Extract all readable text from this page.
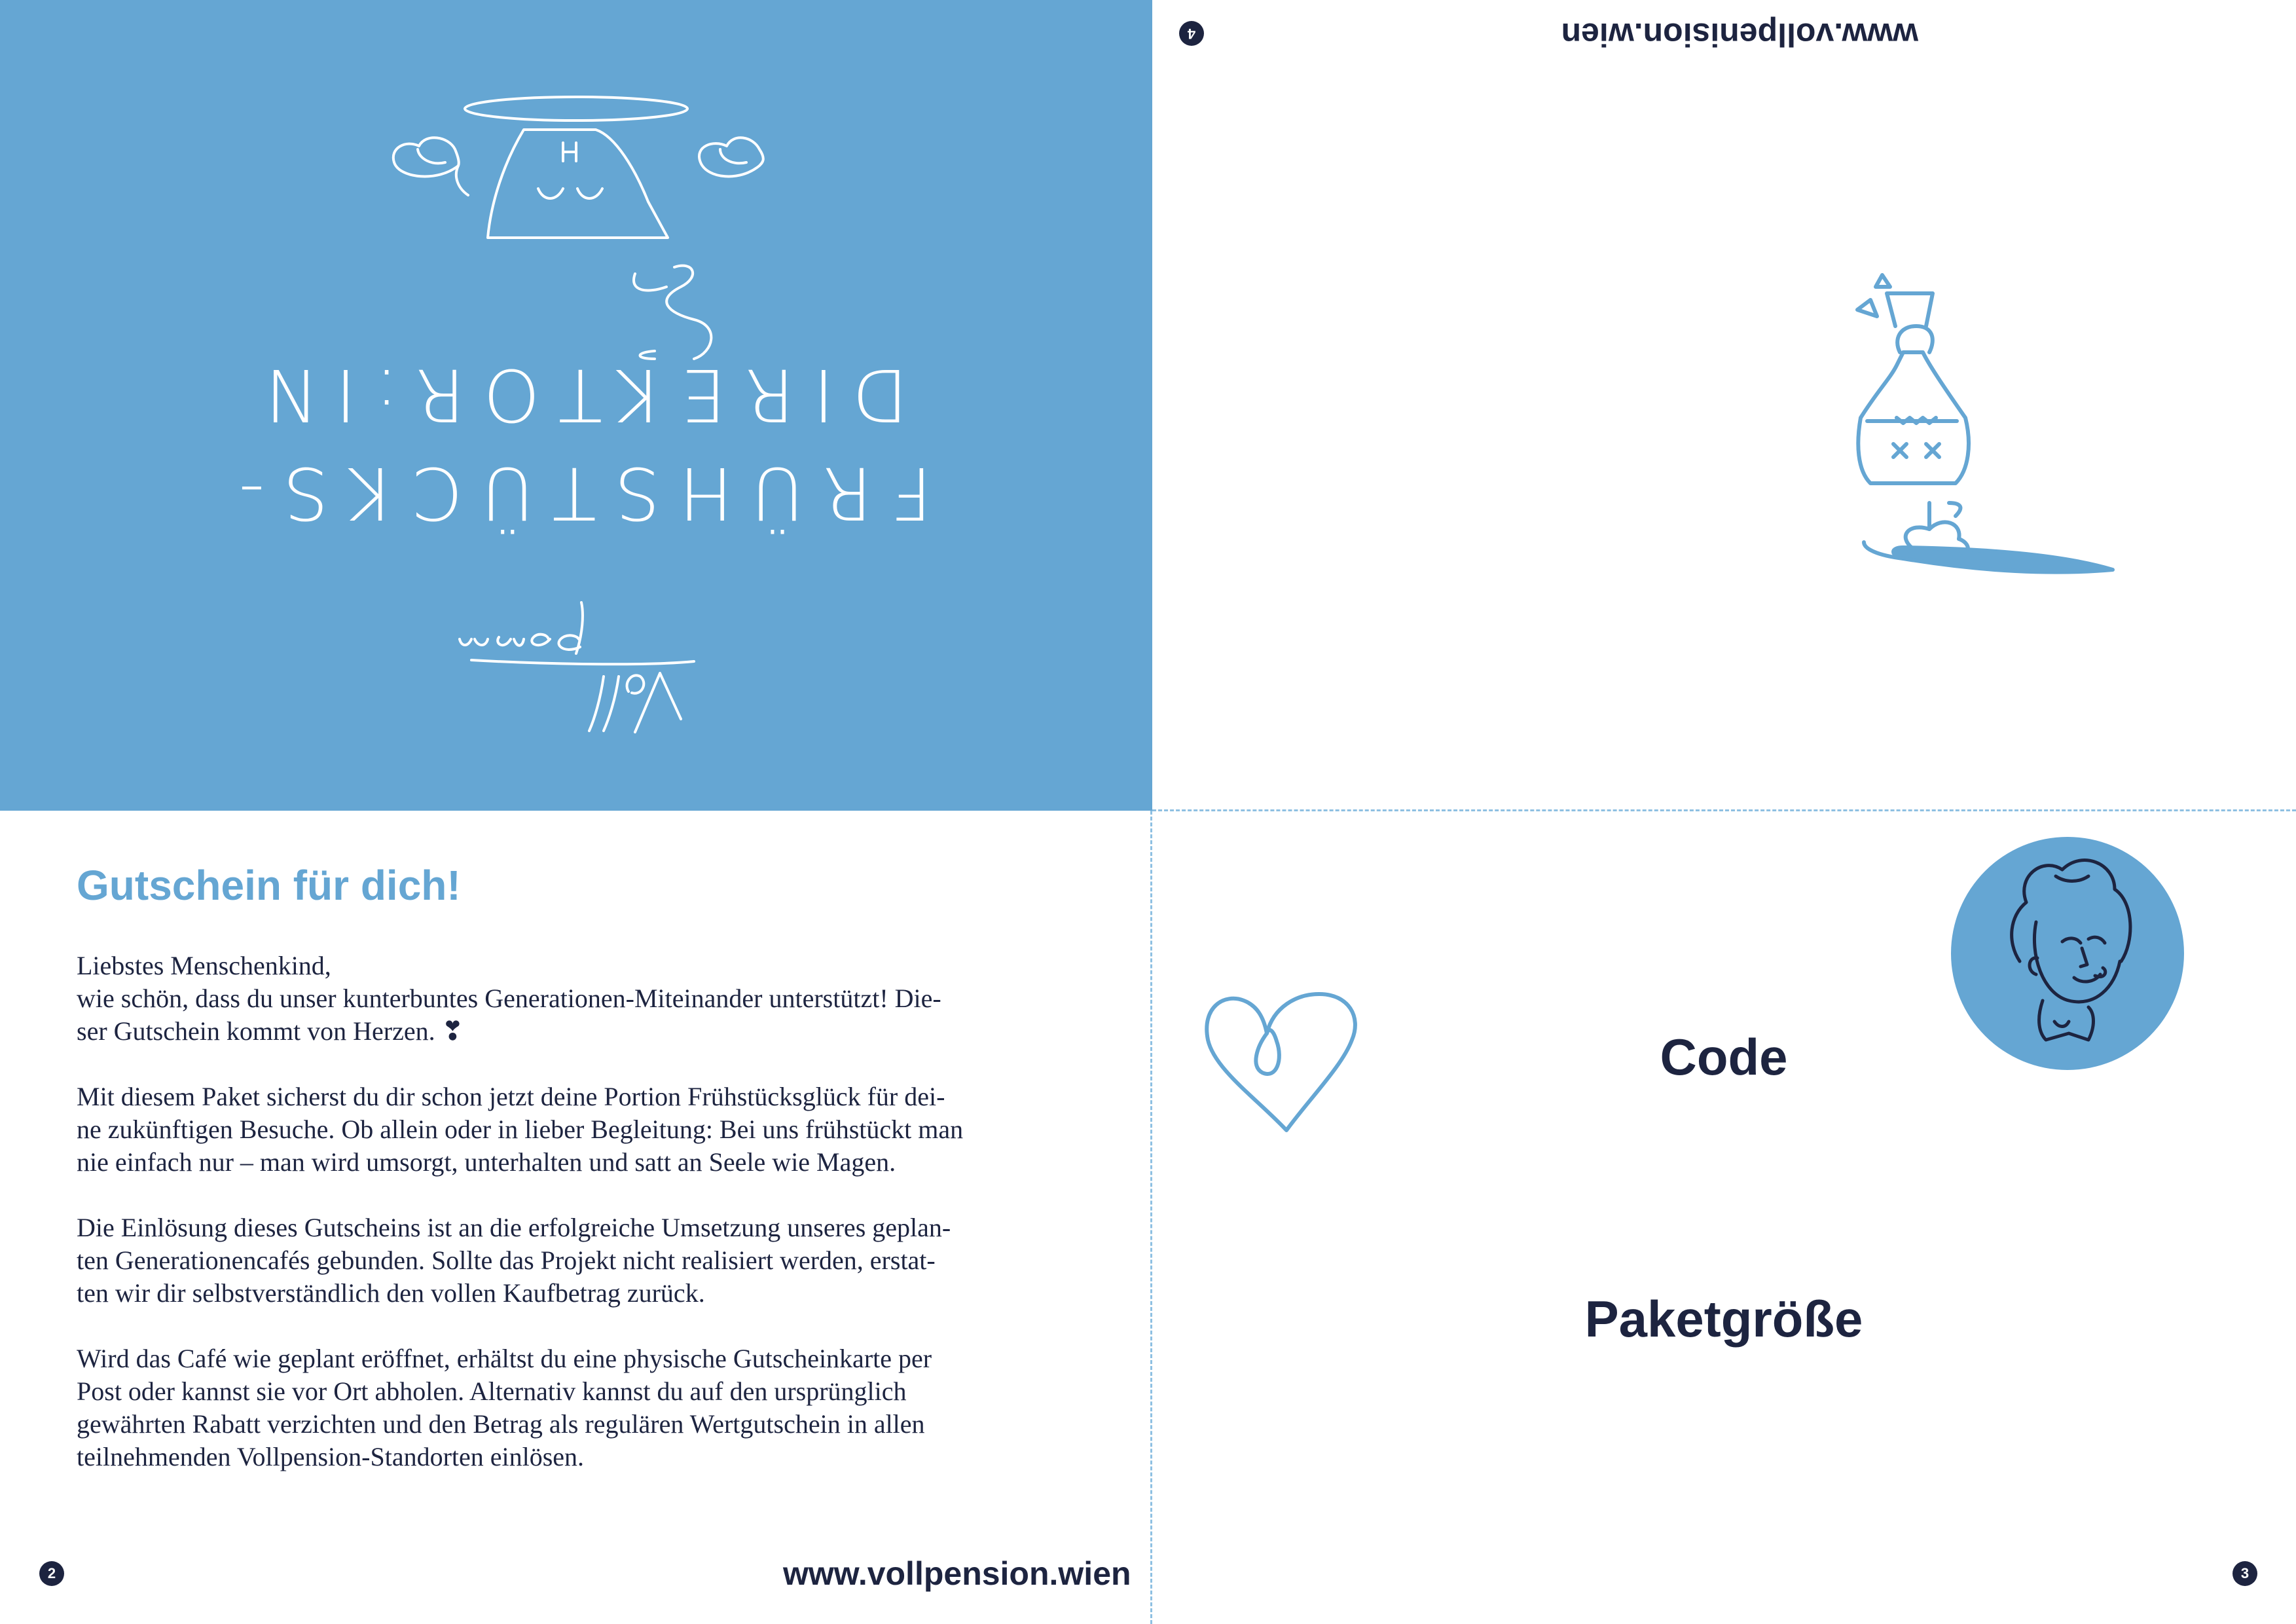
FRÜHSTÜCKS-
DIREKTOR:IN
www.vollpenision.wien
4
Gutschein für dich!

Liebstes Menschenkind,
wie schön, dass du unser kunterbuntes Generationen-Miteinander unterstützt! Die-
ser Gutschein kommt von Herzen. ❣

Mit diesem Paket sicherst du dir schon jetzt deine Portion Frühstücksglück für dei-
ne zukünftigen Besuche. Ob allein oder in lieber Begleitung: Bei uns frühstückt man
nie einfach nur – man wird umsorgt, unterhalten und satt an Seele wie Magen.

Die Einlösung dieses Gutscheins ist an die erfolgreiche Umsetzung unseres geplan-
ten Generationencafés gebunden. Sollte das Projekt nicht realisiert werden, erstat-
ten wir dir selbstverständlich den vollen Kaufbetrag zurück.

Wird das Café wie geplant eröffnet, erhältst du eine physische Gutscheinkarte per
Post oder kannst sie vor Ort abholen. Alternativ kannst du auf den ursprünglich
gewährten Rabatt verzichten und den Betrag als regulären Wertgutschein in allen
teilnehmenden Vollpension-Standorten einlösen.

2	www.vollpension.wien
Code
Paketgröße
3
